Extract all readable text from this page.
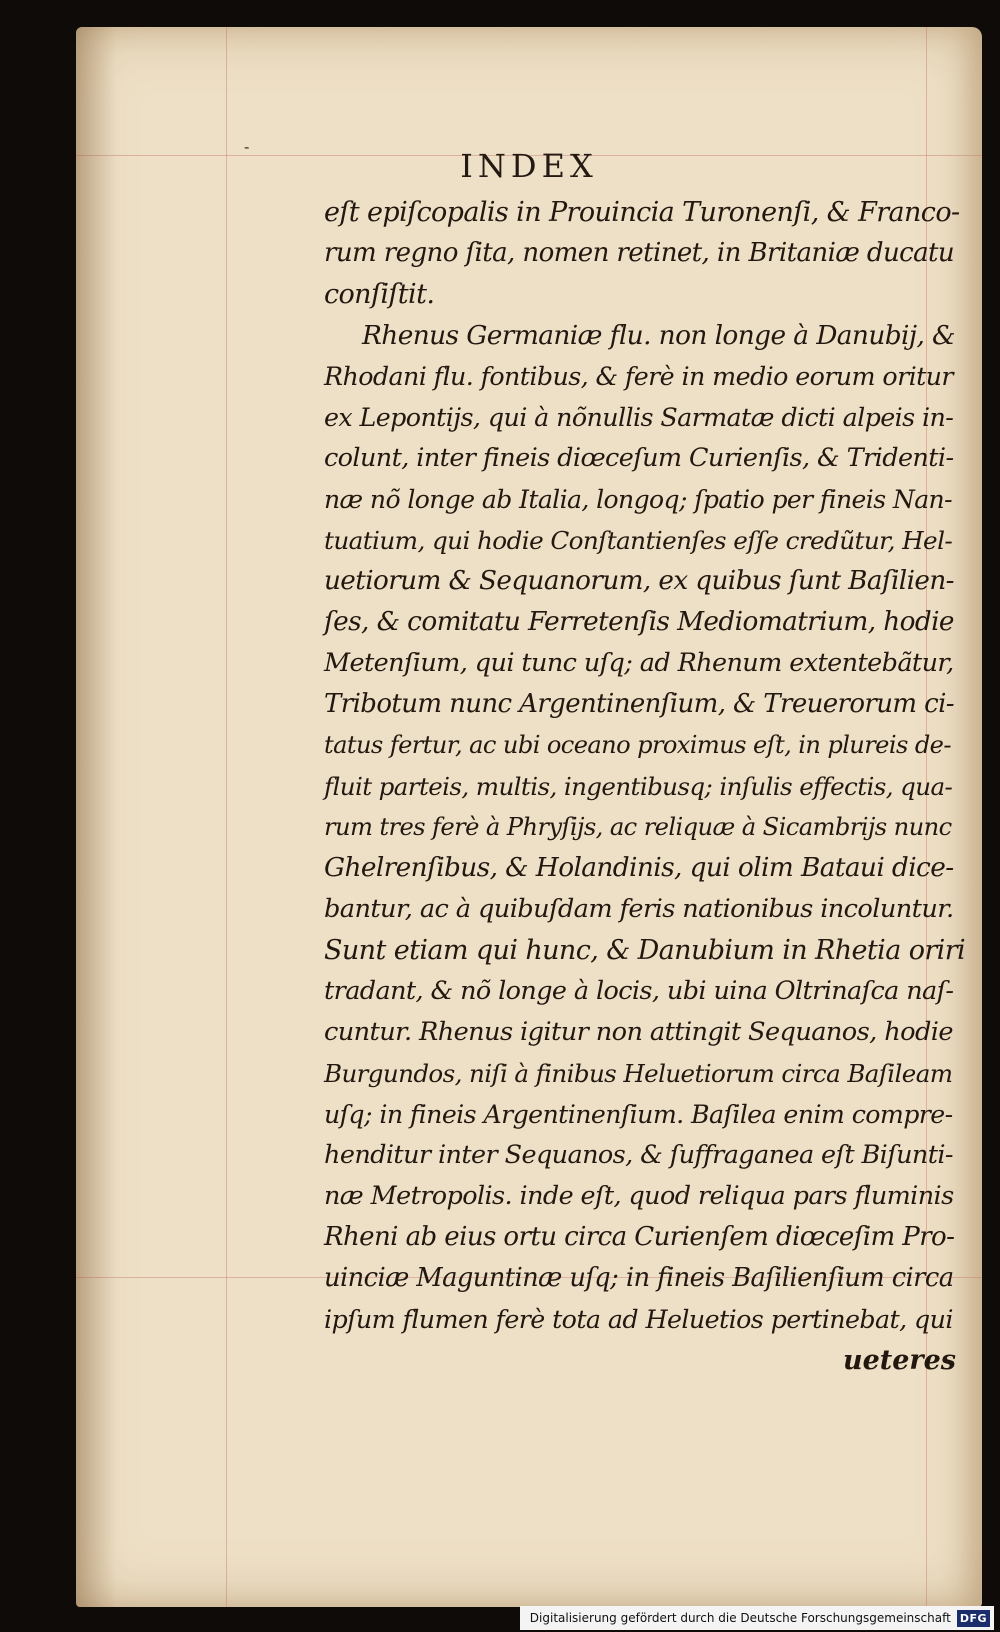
-
INDEX
eſt epiſcopalis in Prouincia Turonenſi, & Franco-
rum regno ſita, nomen retinet, in Britaniæ ducatu
conſiſtit.
Rhenus Germaniæ flu. non longe à Danubij, &
Rhodani flu. fontibus, & ferè in medio eorum oritur
ex Lepontijs, qui à nõnullis Sarmatæ dicti alpeis in-
colunt, inter fineis diœceſum Curienſis, & Tridenti-
næ nõ longe ab Italia, longoq; ſpatio per fineis Nan-
tuatium, qui hodie Conſtantienſes eſſe credũtur, Hel-
uetiorum & Sequanorum, ex quibus ſunt Baſilien-
ſes, & comitatu Ferretenſis Mediomatrium, hodie
Metenſium, qui tunc uſq; ad Rhenum extentebãtur,
Tribotum nunc Argentinenſium, & Treuerorum ci-
tatus fertur, ac ubi oceano proximus eſt, in plureis de-
fluit parteis, multis, ingentibusq; inſulis effectis, qua-
rum tres ferè à Phryſijs, ac reliquæ à Sicambrijs nunc
Ghelrenſibus, & Holandinis, qui olim Bataui dice-
bantur, ac à quibuſdam feris nationibus incoluntur.
Sunt etiam qui hunc, & Danubium in Rhetia oriri
tradant, & nõ longe à locis, ubi uina Oltrinaſca naſ-
cuntur. Rhenus igitur non attingit Sequanos, hodie
Burgundos, niſi à finibus Heluetiorum circa Baſileam
uſq; in fineis Argentinenſium. Baſilea enim compre-
henditur inter Sequanos, & ſuffraganea eſt Biſunti-
næ Metropolis. inde eſt, quod reliqua pars fluminis
Rheni ab eius ortu circa Curienſem diœceſim Pro-
uinciæ Maguntinæ uſq; in fineis Baſilienſium circa
ipſum flumen ferè tota ad Heluetios pertinebat, qui
ueteres
Digitalisierung gefördert durch die Deutsche Forschungsgemeinschaft DFG
